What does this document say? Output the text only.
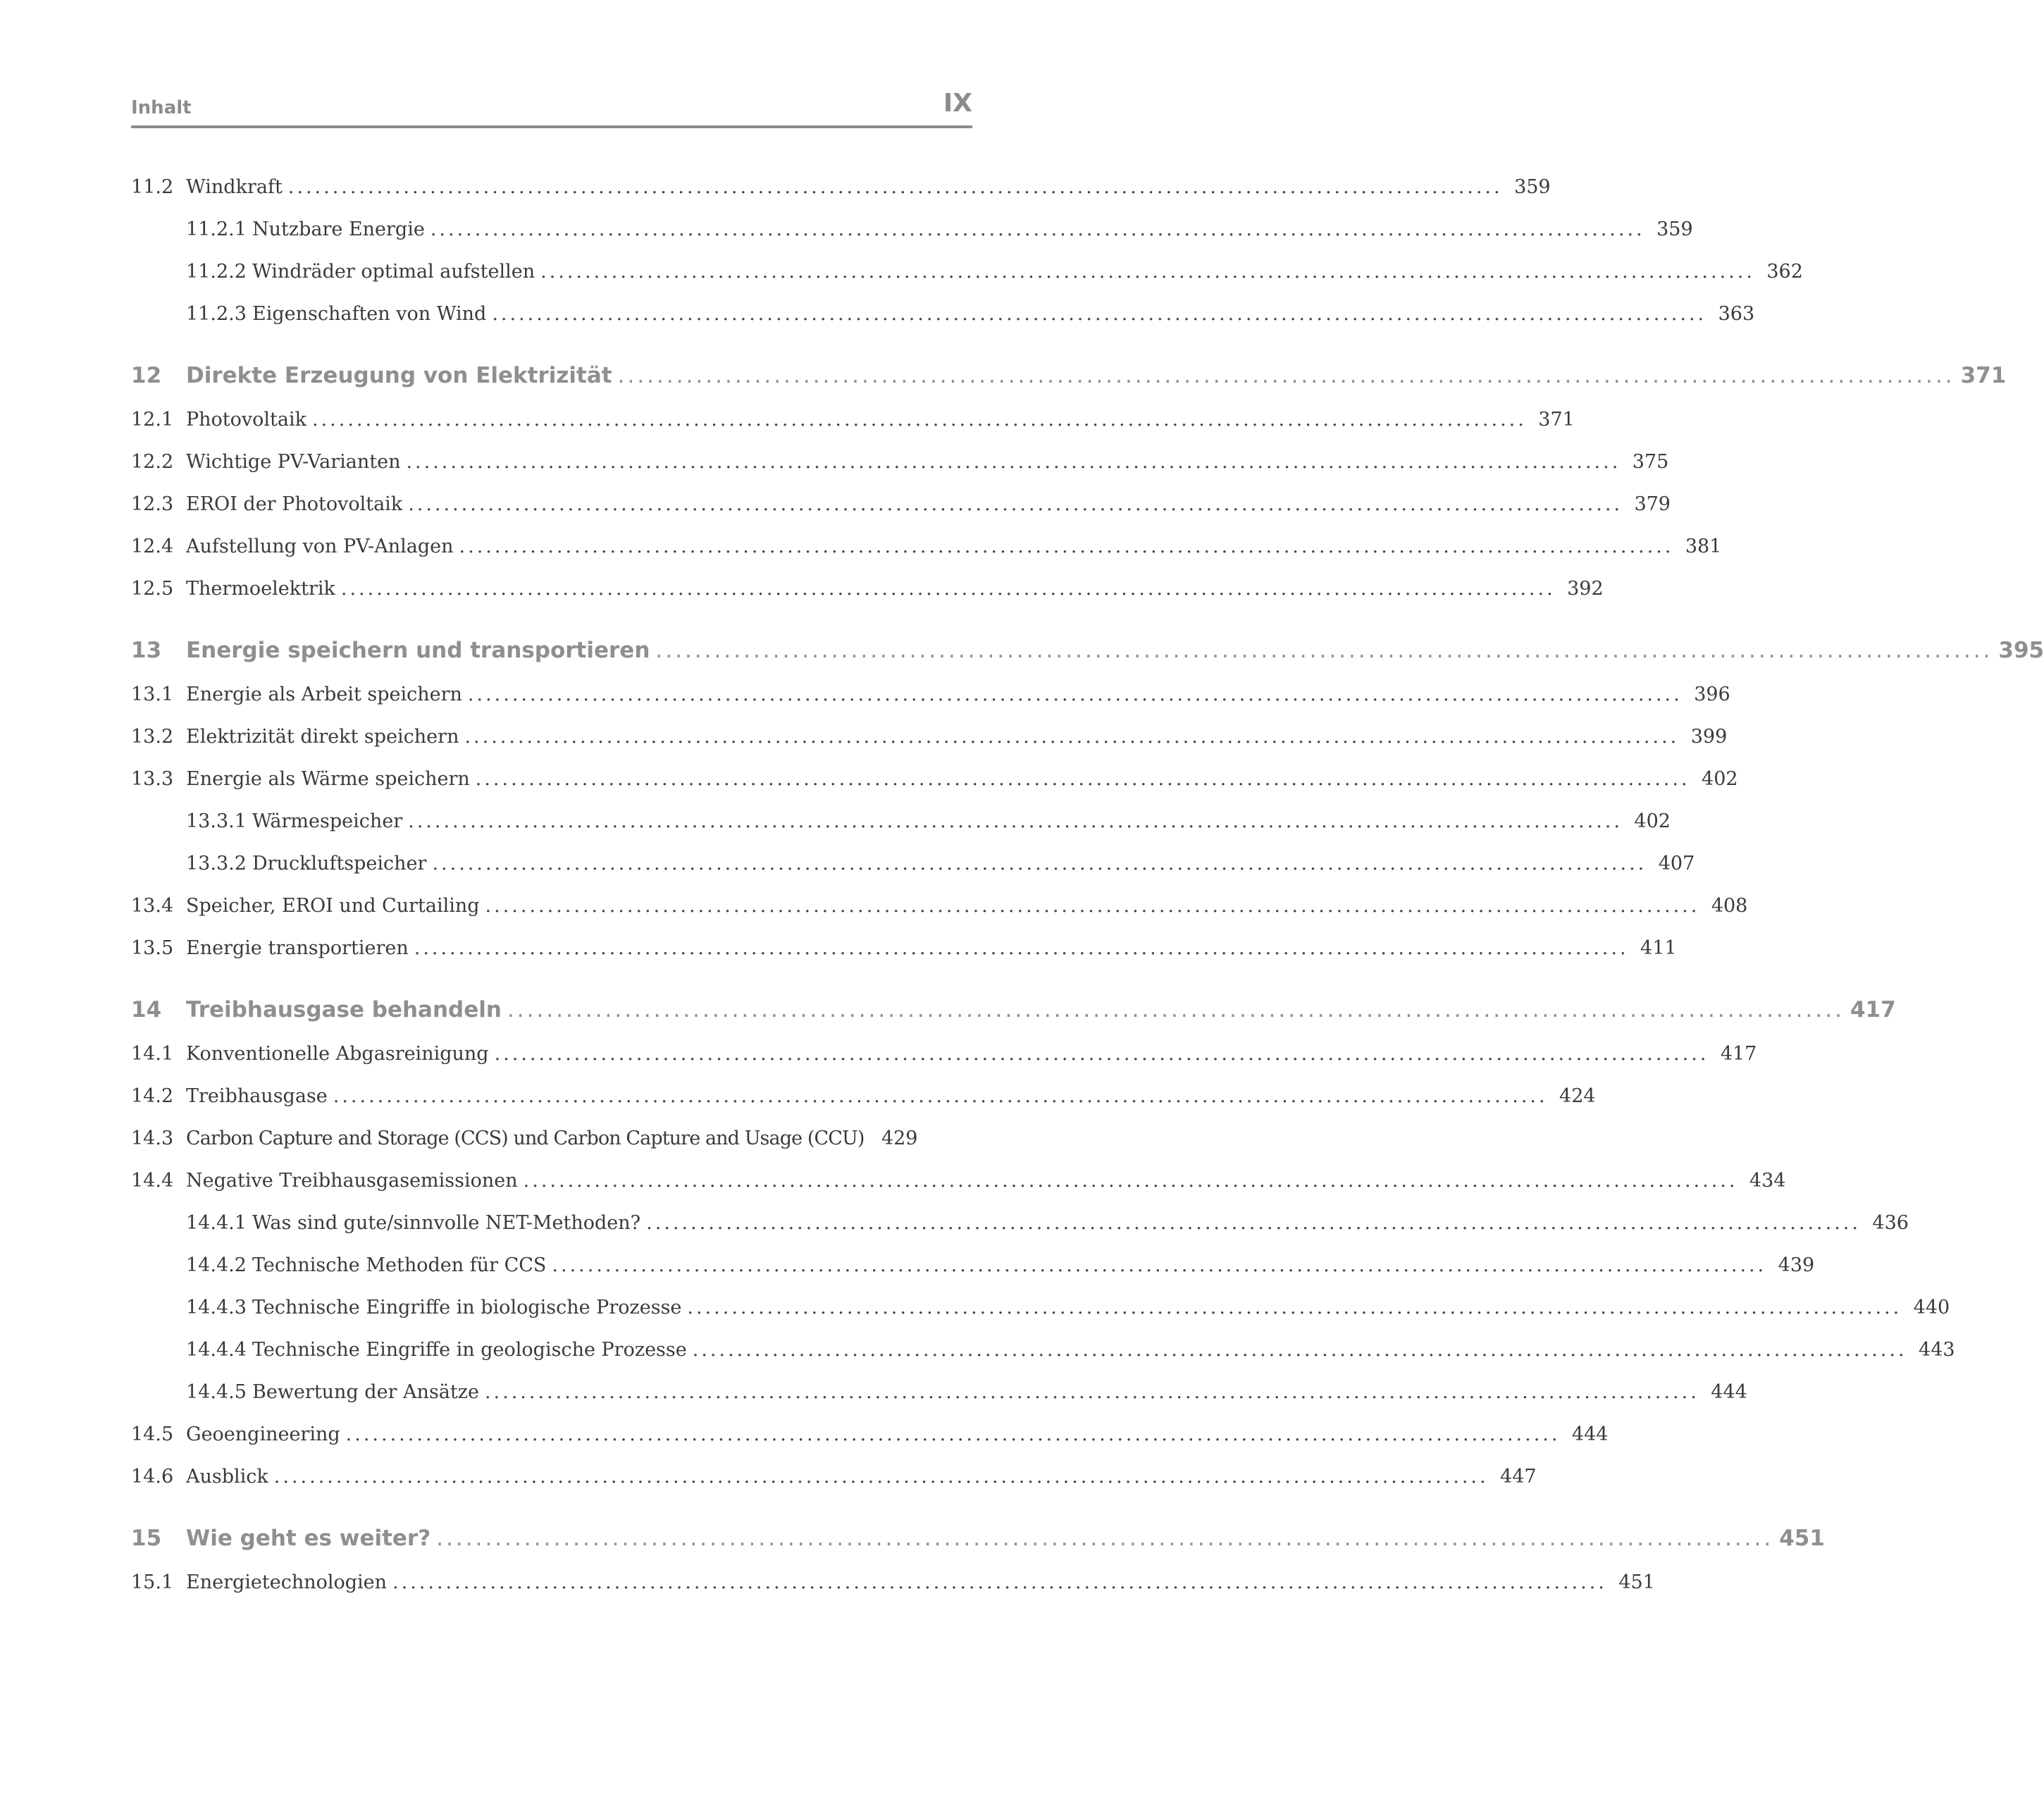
Inhalt	IX
11.2 Windkraft ......................................................................................................................................... 359
11.2.1 Nutzbare Energie ......................................................................................................................................... 359
11.2.2 Windräder optimal aufstellen ......................................................................................................................................... 362
11.2.3 Eigenschaften von Wind ......................................................................................................................................... 363
12	Direkte Erzeugung von Elektrizität ......................................................................................................................................... 371
12.1 Photovoltaik ......................................................................................................................................... 371
12.2 Wichtige PV-Varianten ......................................................................................................................................... 375
12.3 EROI der Photovoltaik ......................................................................................................................................... 379
12.4 Aufstellung von PV-Anlagen ......................................................................................................................................... 381
12.5 Thermoelektrik ......................................................................................................................................... 392
13	Energie speichern und transportieren ......................................................................................................................................... 395
13.1 Energie als Arbeit speichern ......................................................................................................................................... 396
13.2 Elektrizität direkt speichern ......................................................................................................................................... 399
13.3 Energie als Wärme speichern ......................................................................................................................................... 402
13.3.1 Wärmespeicher ......................................................................................................................................... 402
13.3.2 Druckluftspeicher ......................................................................................................................................... 407
13.4 Speicher, EROI und Curtailing ......................................................................................................................................... 408
13.5 Energie transportieren ......................................................................................................................................... 411
14	Treibhausgase behandeln ......................................................................................................................................... 417
14.1 Konventionelle Abgasreinigung ......................................................................................................................................... 417
14.2 Treibhausgase ......................................................................................................................................... 424
14.3 Carbon Capture and Storage (CCS) und Carbon Capture and Usage (CCU) 429
14.4 Negative Treibhausgasemissionen ......................................................................................................................................... 434
14.4.1 Was sind gute/sinnvolle NET-Methoden? ......................................................................................................................................... 436
14.4.2 Technische Methoden für CCS ......................................................................................................................................... 439
14.4.3 Technische Eingriffe in biologische Prozesse ......................................................................................................................................... 440
14.4.4 Technische Eingriffe in geologische Prozesse ......................................................................................................................................... 443
14.4.5 Bewertung der Ansätze ......................................................................................................................................... 444
14.5 Geoengineering ......................................................................................................................................... 444
14.6 Ausblick ......................................................................................................................................... 447
15	Wie geht es weiter? ......................................................................................................................................... 451
15.1 Energietechnologien ......................................................................................................................................... 451
